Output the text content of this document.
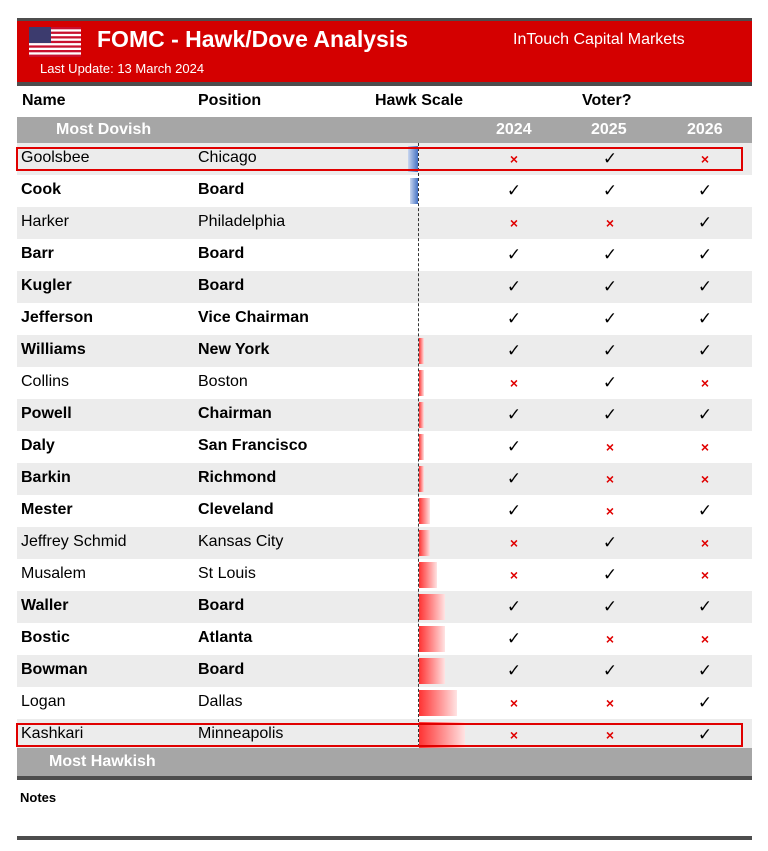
FOMC - Hawk/Dove Analysis	InTouch Capital Markets
Last Update: 13 March 2024
Name	Position	Hawk Scale	Voter?
Most Dovish	2024	2025	2026
Goolsbee	Chicago	×	✓	×
Cook	Board	✓	✓	✓
Harker	Philadelphia	×	×	✓
Barr	Board	✓	✓	✓
Kugler	Board	✓	✓	✓
Jefferson	Vice Chairman	✓	✓	✓
Williams	New York	✓	✓	✓
Collins	Boston	×	✓	×
Powell	Chairman	✓	✓	✓
Daly	San Francisco	✓	×	×
Barkin	Richmond	✓	×	×
Mester	Cleveland	✓	×	✓
Jeffrey Schmid	Kansas City	×	✓	×
Musalem	St Louis	×	✓	×
Waller	Board	✓	✓	✓
Bostic	Atlanta	✓	×	×
Bowman	Board	✓	✓	✓
Logan	Dallas	×	×	✓
Kashkari	Minneapolis	×	×	✓
Most Hawkish
Notes
